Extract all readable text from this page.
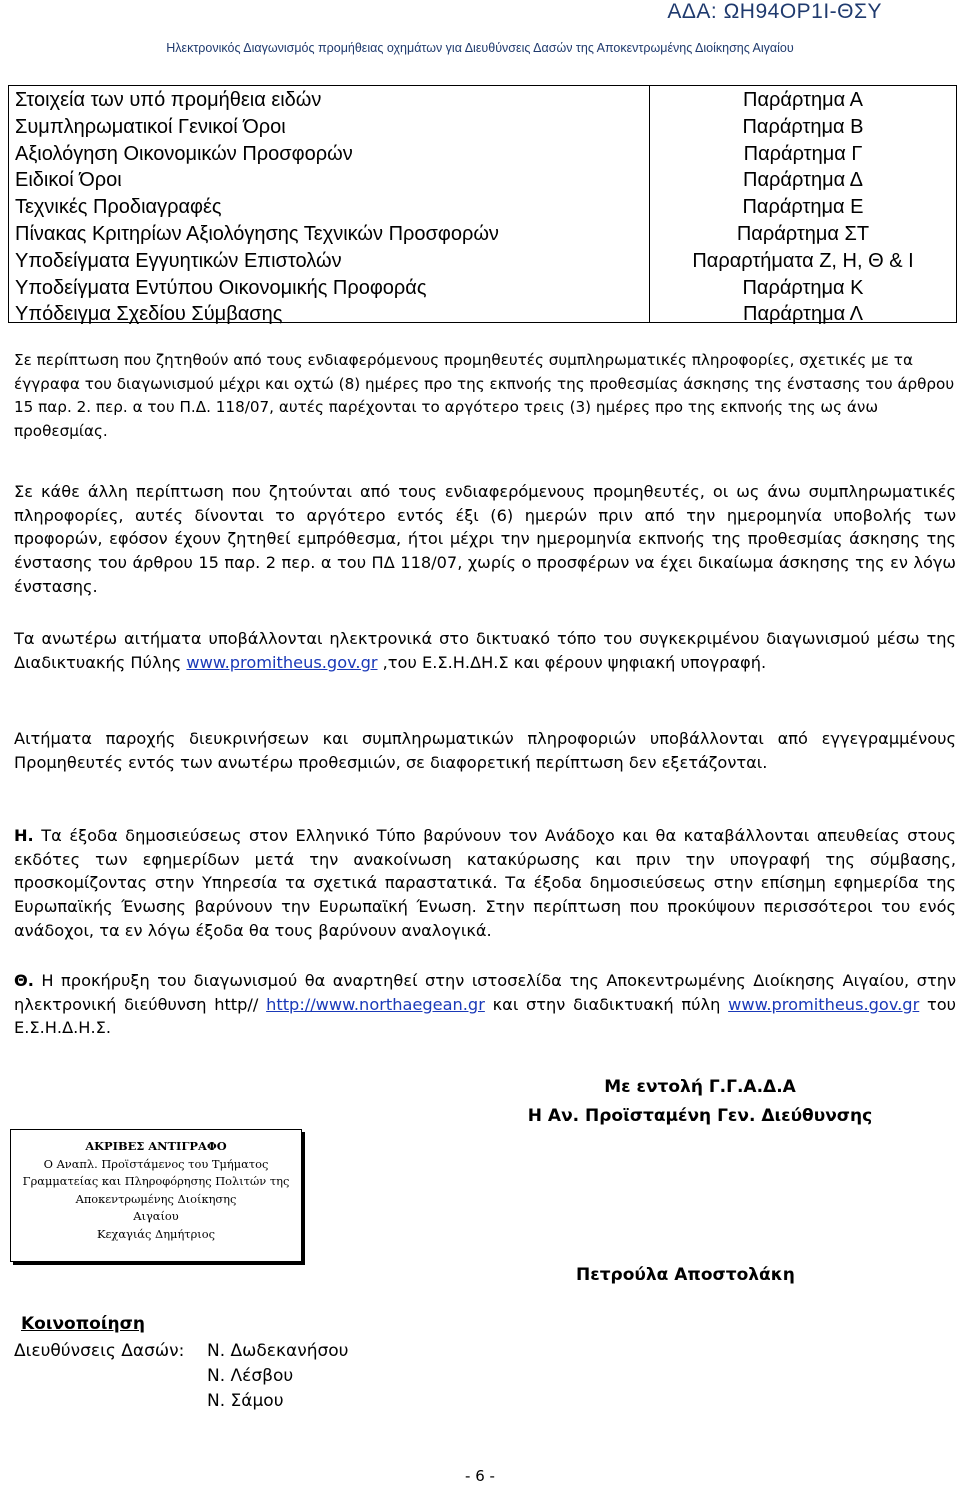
ΑΔΑ: ΩΗ94ΟΡ1Ι-ΘΣΥ
Ηλεκτρονικός Διαγωνισμός προμήθειας οχημάτων για Διευθύνσεις Δασών της Αποκεντρωμένης Διοίκησης Αιγαίου
Στοιχεία των υπό προμήθεια ειδών
Συμπληρωματικοί Γενικοί Όροι
Αξιολόγηση Οικονομικών Προσφορών
Ειδικοί Όροι
Τεχνικές Προδιαγραφές
Πίνακας Κριτηρίων Αξιολόγησης Τεχνικών Προσφορών
Υποδείγματα Εγγυητικών Επιστολών
Υποδείγματα Εντύπου Οικονομικής Προφοράς
Υπόδειγμα Σχεδίου Σύμβασης
Παράρτημα Α
Παράρτημα Β
Παράρτημα Γ
Παράρτημα Δ
Παράρτημα Ε
Παράρτημα ΣΤ
Παραρτήματα Ζ, Η, Θ & Ι
Παράρτημα Κ
Παράρτημα Λ
Σε περίπτωση που ζητηθούν από τους ενδιαφερόμενους προμηθευτές συμπληρωματικές πληροφορίες, σχετικές με τα έγγραφα του διαγωνισμού μέχρι και οχτώ (8) ημέρες προ της εκπνοής της προθεσμίας άσκησης της ένστασης του άρθρου 15 παρ. 2. περ. α του Π.Δ. 118/07, αυτές παρέχονται το αργότερο τρεις (3) ημέρες προ της εκπνοής της ως άνω προθεσμίας.
Σε κάθε άλλη περίπτωση που ζητούνται από τους ενδιαφερόμενους προμηθευτές, οι ως άνω συμπληρωματικές πληροφορίες, αυτές δίνονται το αργότερο εντός έξι (6) ημερών πριν από την ημερομηνία υποβολής των προφορών, εφόσον έχουν ζητηθεί εμπρόθεσμα, ήτοι μέχρι την ημερομηνία εκπνοής της προθεσμίας άσκησης της ένστασης του άρθρου 15 παρ. 2 περ. α του ΠΔ 118/07, χωρίς ο προσφέρων να έχει δικαίωμα άσκησης της εν λόγω ένστασης.
Τα ανωτέρω αιτήματα υποβάλλονται ηλεκτρονικά στο δικτυακό τόπο του συγκεκριμένου διαγωνισμού μέσω της Διαδικτυακής Πύλης www.promitheus.gov.gr ,του Ε.Σ.Η.ΔΗ.Σ και φέρουν ψηφιακή υπογραφή.
Αιτήματα παροχής διευκρινήσεων και συμπληρωματικών πληροφοριών υποβάλλονται από εγγεγραμμένους Προμηθευτές εντός των ανωτέρω προθεσμιών, σε διαφορετική περίπτωση δεν εξετάζονται.
Η. Τα έξοδα δημοσιεύσεως στον Ελληνικό Τύπο βαρύνουν τον Ανάδοχο και θα καταβάλλονται απευθείας στους εκδότες των εφημερίδων μετά την ανακοίνωση κατακύρωσης και πριν την υπογραφή της σύμβασης, προσκομίζοντας στην Υπηρεσία τα σχετικά παραστατικά. Τα έξοδα δημοσιεύσεως στην επίσημη εφημερίδα της Ευρωπαϊκής Ένωσης βαρύνουν την Ευρωπαϊκή Ένωση. Στην περίπτωση που προκύψουν περισσότεροι του ενός ανάδοχοι, τα εν λόγω έξοδα θα τους βαρύνουν αναλογικά.
Θ. Η προκήρυξη του διαγωνισμού θα αναρτηθεί στην ιστοσελίδα της Αποκεντρωμένης Διοίκησης Αιγαίου, στην ηλεκτρονική διεύθυνση http// http://www.northaegean.gr και στην διαδικτυακή πύλη www.promitheus.gov.gr του Ε.Σ.Η.Δ.Η.Σ.
Με εντολή Γ.Γ.Α.Δ.Α
Η Αν. Προϊσταμένη Γεν. Διεύθυνσης
ΑΚΡΙΒΕΣ ΑΝΤΙΓΡΑΦΟ
Ο Αναπλ. Προϊστάμενος του Τμήματος
Γραμματείας και Πληροφόρησης Πολιτών της
Αποκεντρωμένης Διοίκησης
Αιγαίου
Κεχαγιάς Δημήτριος
Πετρούλα Αποστολάκη
Κοινοποίηση
Διευθύνσεις Δασών: Ν. Δωδεκανήσου
Ν. Λέσβου
Ν. Σάμου
- 6 -
